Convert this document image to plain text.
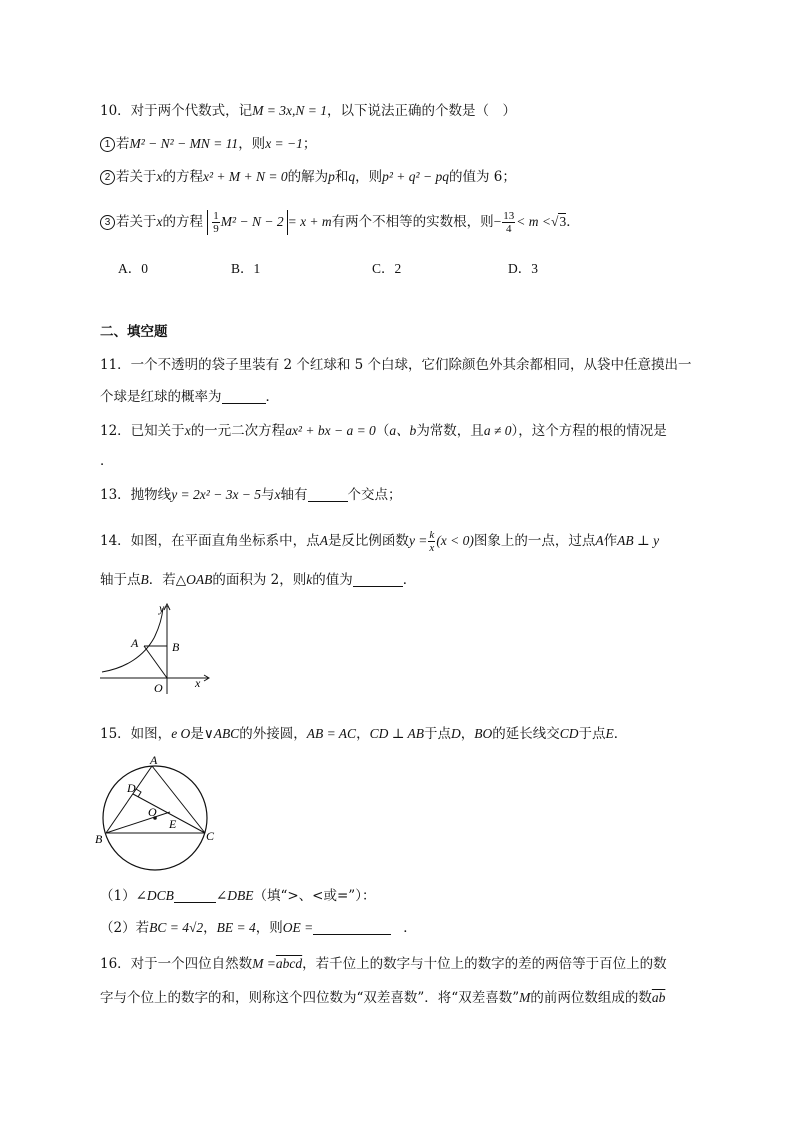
10．对于两个代数式，记M = 3x,N = 1，以下说法正确的个数是（　）
1 若M² − N² − MN = 11，则x = −1；
2 若关于x的方程x² + M + N = 0的解为p和q，则p² + q² − pq的值为 6；
3 若关于x的方程 $\frac{1}{9} M^2 - N - 2 = x + m$有两个不相等的实数根，则− $\frac{13}{4} < m <√3$．
A．0	B．1	C．2	D．3
二、填空题
11．一个不透明的袋子里装有 2 个红球和 5 个白球，它们除颜色外其余都相同，从袋中任意摸出一
个球是红球的概率为	．
12．已知关于x的一元二次方程ax² + bx − a = 0（a、b为常数，且a ≠ 0），这个方程的根的情况是
．
13．抛物线y = 2x² − 3x − 5与x轴有	个交点；
14．如图，在平面直角坐标系中，点A是反比例函数$y = \frac{k}{x} (x < 0)$图象上的一点，过点A作AB ⊥ y
轴于点B．若△OAB的面积为 2，则k的值为	．
A	B
O	x
y
15．如图，e O是∨ABC的外接圆，AB = AC，CD ⊥ AB于点D，BO的延长线交CD于点E．
A
B	C
D
E
O
（1）∠DCB	∠DBE（填“>、<或=”）：
（2）若BC = 4√2，BE = 4，则OE =	．
16．对于一个四位自然数M =abcd，若千位上的数字与十位上的数字的差的两倍等于百位上的数
字与个位上的数字的和，则称这个四位数为“双差喜数”．将“双差喜数”M的前两位数组成的数$\overline{ab}$
